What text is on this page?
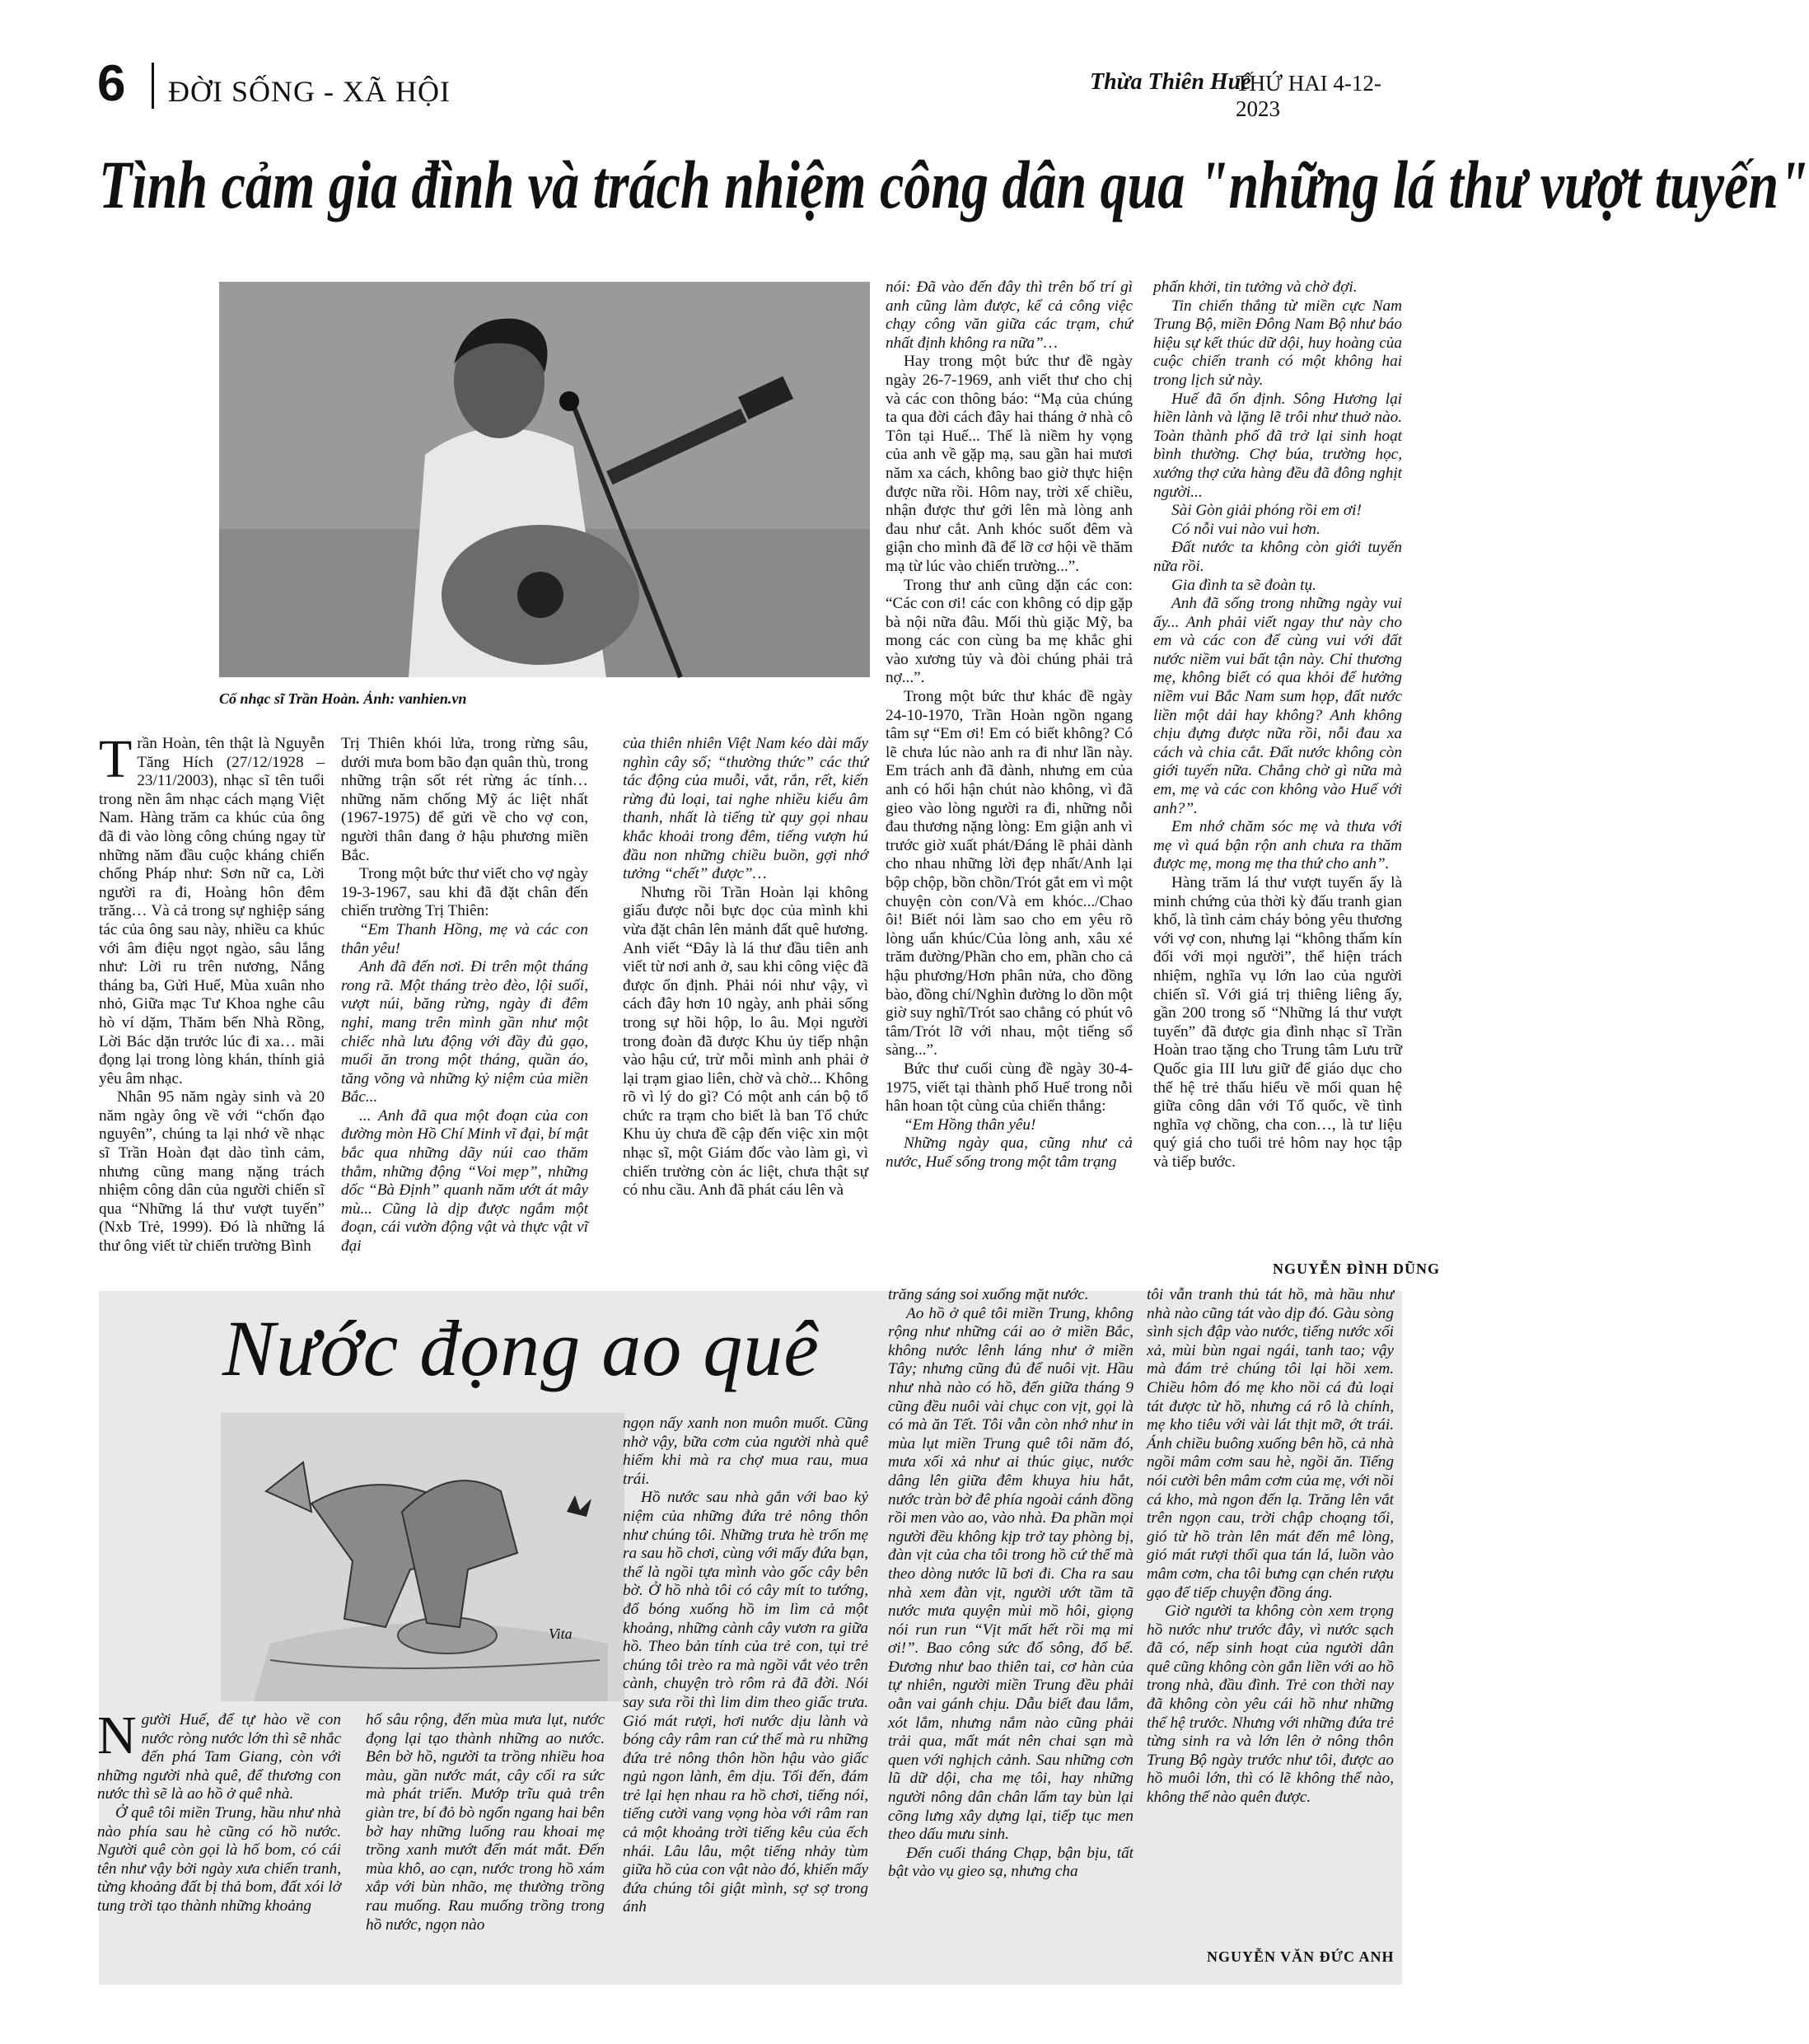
6 ĐỜI SỐNG - XÃ HỘI	Thừa Thiên Huế
THỨ HAI 4-12-2023
Tình cảm gia đình và trách nhiệm công dân qua "những lá thư vượt tuyến"
Cố nhạc sĩ Trần Hoàn. Ảnh: vanhien.vn

Trần Hoàn, tên thật là Nguyễn Tăng Hích (27/12/1928 – 23/11/2003), nhạc sĩ tên tuổi trong nền âm nhạc cách mạng Việt Nam. Hàng trăm ca khúc của ông đã đi vào lòng công chúng ngay từ những năm đầu cuộc kháng chiến chống Pháp như: Sơn nữ ca, Lời người ra đi, Hoàng hôn đêm trăng… Và cả trong sự nghiệp sáng tác của ông sau này, nhiều ca khúc với âm điệu ngọt ngào, sâu lắng như: Lời ru trên nương, Nắng tháng ba, Gửi Huế, Mùa xuân nho nhỏ, Giữa mạc Tư Khoa nghe câu hò ví dặm, Thăm bến Nhà Rồng, Lời Bác dặn trước lúc đi xa… mãi đọng lại trong lòng khán, thính giả yêu âm nhạc.

Nhân 95 năm ngày sinh và 20 năm ngày ông về với “chốn đạo nguyên”, chúng ta lại nhớ về nhạc sĩ Trần Hoàn đạt dào tình cảm, nhưng cũng mang nặng trách nhiệm công dân của người chiến sĩ qua “Những lá thư vượt tuyến” (Nxb Trẻ, 1999). Đó là những lá thư ông viết từ chiến trường Bình

Trị Thiên khói lửa, trong rừng sâu, dưới mưa bom bão đạn quân thù, trong những trận sốt rét rừng ác tính… những năm chống Mỹ ác liệt nhất (1967-1975) để gửi về cho vợ con, người thân đang ở hậu phương miền Bắc.

Trong một bức thư viết cho vợ ngày 19-3-1967, sau khi đã đặt chân đến chiến trường Trị Thiên:

“Em Thanh Hồng, mẹ và các con thân yêu!

Anh đã đến nơi. Đi trên một tháng rong rã. Một tháng trèo đèo, lội suối, vượt núi, băng rừng, ngày đi đêm nghỉ, mang trên mình gần như một chiếc nhà lưu động với đầy đủ gạo, muối ăn trong một tháng, quần áo, tăng võng và những kỷ niệm của miền Bắc...

... Anh đã qua một đoạn của con đường mòn Hồ Chí Minh vĩ đại, bí mật bắc qua những dãy núi cao thăm thẳm, những động “Voi mẹp”, những dốc “Bà Định” quanh năm ướt át mây mù... Cũng là dịp được ngắm một đoạn, cái vườn động vật và thực vật vĩ đại

của thiên nhiên Việt Nam kéo dài mấy nghìn cây số; “thường thức” các thứ tác động của muỗi, vắt, rắn, rết, kiến rừng đủ loại, tai nghe nhiều kiểu âm thanh, nhất là tiếng từ quy gọi nhau khắc khoải trong đêm, tiếng vượn hú đầu non những chiều buồn, gợi nhớ tưởng “chết” được”…

Nhưng rồi Trần Hoàn lại không giấu được nỗi bực dọc của mình khi vừa đặt chân lên mảnh đất quê hương. Anh viết “Đây là lá thư đầu tiên anh viết từ nơi anh ở, sau khi công việc đã được ổn định. Phải nói như vậy, vì cách đây hơn 10 ngày, anh phải sống trong sự hồi hộp, lo âu. Mọi người trong đoàn đã được Khu ủy tiếp nhận vào hậu cứ, trừ mỗi mình anh phải ở lại trạm giao liên, chờ và chờ... Không rõ vì lý do gì? Có một anh cán bộ tổ chức ra trạm cho biết là ban Tổ chức Khu ủy chưa đề cập đến việc xin một nhạc sĩ, một Giám đốc vào làm gì, vì chiến trường còn ác liệt, chưa thật sự có nhu cầu. Anh đã phát cáu lên và

nói: Đã vào đến đây thì trên bố trí gì anh cũng làm được, kể cả công việc chạy công văn giữa các trạm, chứ nhất định không ra nữa”…

Hay trong một bức thư đề ngày ngày 26-7-1969, anh viết thư cho chị và các con thông báo: “Mạ của chúng ta qua đời cách đây hai tháng ở nhà cô Tôn tại Huế... Thế là niềm hy vọng của anh về gặp mạ, sau gần hai mươi năm xa cách, không bao giờ thực hiện được nữa rồi. Hôm nay, trời xế chiều, nhận được thư gởi lên mà lòng anh đau như cắt. Anh khóc suốt đêm và giận cho mình đã để lỡ cơ hội về thăm mạ từ lúc vào chiến trường...”.

Trong thư anh cũng dặn các con: “Các con ơi! các con không có dịp gặp bà nội nữa đâu. Mối thù giặc Mỹ, ba mong các con cùng ba mẹ khắc ghi vào xương tủy và đòi chúng phải trả nợ...”.

Trong một bức thư khác đề ngày 24-10-1970, Trần Hoàn ngồn ngang tâm sự “Em ơi! Em có biết không? Có lẽ chưa lúc nào anh ra đi như lần này. Em trách anh đã đành, nhưng em của anh có hối hận chút nào không, vì đã gieo vào lòng người ra đi, những nỗi đau thương nặng lòng: Em giận anh vì trước giờ xuất phát/Đáng lẽ phải dành cho nhau những lời đẹp nhất/Anh lại bộp chộp, bồn chồn/Trót gắt em vì một chuyện còn con/Và em khóc.../Chao ôi! Biết nói làm sao cho em yêu rõ lòng uẩn khúc/Của lòng anh, xâu xé trăm đường/Phần cho em, phần cho cả hậu phương/Hơn phân nửa, cho đồng bào, đồng chí/Nghìn đường lo dồn một giờ suy nghĩ/Trót sao chẳng có phút vô tâm/Trót lỡ với nhau, một tiếng sổ sàng...”.

Bức thư cuối cùng đề ngày 30-4-1975, viết tại thành phố Huế trong nỗi hân hoan tột cùng của chiến thắng:

“Em Hồng thân yêu!

Những ngày qua, cũng như cả nước, Huế sống trong một tâm trạng

phấn khởi, tin tưởng và chờ đợi.

Tin chiến thắng từ miền cực Nam Trung Bộ, miền Đông Nam Bộ như báo hiệu sự kết thúc dữ dội, huy hoàng của cuộc chiến tranh có một không hai trong lịch sử này.

Huế đã ổn định. Sông Hương lại hiền lành và lặng lẽ trôi như thuở nào. Toàn thành phố đã trở lại sinh hoạt bình thường. Chợ búa, trường học, xướng thợ cửa hàng đều đã đông nghịt người...

Sài Gòn giải phóng rồi em ơi!

Có nỗi vui nào vui hơn.

Đất nước ta không còn giới tuyến nữa rồi.

Gia đình ta sẽ đoàn tụ.

Anh đã sống trong những ngày vui ấy... Anh phải viết ngay thư này cho em và các con để cùng vui với đất nước niềm vui bất tận này. Chỉ thương mẹ, không biết có qua khỏi để hưởng niềm vui Bắc Nam sum họp, đất nước liền một dải hay không? Anh không chịu đựng được nữa rồi, nỗi đau xa cách và chia cắt. Đất nước không còn giới tuyến nữa. Chẳng chờ gì nữa mà em, mẹ và các con không vào Huế với anh?”.

Em nhớ chăm sóc mẹ và thưa với mẹ vì quá bận rộn anh chưa ra thăm được mẹ, mong mẹ tha thứ cho anh”.

Hàng trăm lá thư vượt tuyến ấy là minh chứng của thời kỳ đấu tranh gian khổ, là tình cảm cháy bỏng yêu thương với vợ con, nhưng lại “không thấm kín đối với mọi người”, thể hiện trách nhiệm, nghĩa vụ lớn lao của người chiến sĩ. Với giá trị thiêng liêng ấy, gần 200 trong số “Những lá thư vượt tuyến” đã được gia đình nhạc sĩ Trần Hoàn trao tặng cho Trung tâm Lưu trữ Quốc gia III lưu giữ để giáo dục cho thế hệ trẻ thấu hiểu về mối quan hệ giữa công dân với Tổ quốc, về tình nghĩa vợ chồng, cha con…, là tư liệu quý giá cho tuổi trẻ hôm nay học tập và tiếp bước.

NGUYỄN ĐÌNH DŨNG
Nước đọng ao quê
Vita

Người Huế, để tự hào về con nước ròng nước lớn thì sẽ nhắc đến phá Tam Giang, còn với những người nhà quê, để thương con nước thì sẽ là ao hồ ở quê nhà.

Ở quê tôi miền Trung, hầu như nhà nào phía sau hè cũng có hồ nước. Người quê còn gọi là hố bom, có cái tên như vậy bởi ngày xưa chiến tranh, từng khoảng đất bị thả bom, đất xói lở tung trời tạo thành những khoảng

hố sâu rộng, đến mùa mưa lụt, nước đọng lại tạo thành những ao nước. Bên bờ hồ, người ta trồng nhiều hoa màu, gần nước mát, cây cối ra sức mà phát triển. Mướp trĩu quả trên giàn tre, bí đỏ bò ngổn ngang hai bên bờ hay những luống rau khoai mẹ trồng xanh mướt đến mát mắt. Đến mùa khô, ao cạn, nước trong hồ xám xắp với bùn nhão, mẹ thường trồng rau muống. Rau muống trồng trong hồ nước, ngọn nào

ngọn nấy xanh non muôn muốt. Cũng nhờ vậy, bữa cơm của người nhà quê hiếm khi mà ra chợ mua rau, mua trái.

Hồ nước sau nhà gắn với bao kỷ niệm của những đứa trẻ nông thôn như chúng tôi. Những trưa hè trốn mẹ ra sau hồ chơi, cùng với mấy đứa bạn, thể là ngồi tựa mình vào gốc cây bên bờ. Ở hồ nhà tôi có cây mít to tướng, đổ bóng xuống hồ im lìm cả một khoảng, những cành cây vươn ra giữa hồ. Theo bản tính của trẻ con, tụi trẻ chúng tôi trèo ra mà ngồi vắt vẻo trên cành, chuyện trò rôm rả đã đời. Nói say sưa rồi thì lim dim theo giấc trưa. Gió mát rượi, hơi nước dịu lành và bóng cây râm ran cứ thế mà ru những đứa trẻ nông thôn hồn hậu vào giấc ngủ ngon lành, êm dịu. Tối đến, đám trẻ lại hẹn nhau ra hồ chơi, tiếng nói, tiếng cười vang vọng hòa với râm ran cả một khoảng trời tiếng kêu của ếch nhái. Lâu lâu, một tiếng nhảy tùm giữa hồ của con vật nào đó, khiến mấy đứa chúng tôi giật mình, sợ sợ trong ánh

trăng sáng soi xuống mặt nước.

Ao hồ ở quê tôi miền Trung, không rộng như những cái ao ở miền Bắc, không nước lênh láng như ở miền Tây; nhưng cũng đủ để nuôi vịt. Hầu như nhà nào có hồ, đến giữa tháng 9 cũng đều nuôi vài chục con vịt, gọi là có mà ăn Tết. Tôi vẫn còn nhớ như in mùa lụt miền Trung quê tôi năm đó, mưa xối xả như ai thúc giục, nước dâng lên giữa đêm khuya hiu hắt, nước tràn bờ đê phía ngoài cánh đồng rồi men vào ao, vào nhà. Đa phần mọi người đều không kịp trở tay phòng bị, đàn vịt của cha tôi trong hồ cứ thế mà theo dòng nước lũ bơi đi. Cha ra sau nhà xem đàn vịt, người ướt tầm tã nước mưa quyện mùi mồ hôi, giọng nói run run “Vịt mất hết rồi mạ mi ơi!”. Bao công sức đổ sông, đổ bể. Đương như bao thiên tai, cơ hàn của tự nhiên, người miền Trung đều phải oằn vai gánh chịu. Dẫu biết đau lắm, xót lắm, nhưng nắm nào cũng phải trải qua, mất mát nên chai sạn mà quen với nghịch cảnh. Sau những cơn lũ dữ dội, cha mẹ tôi, hay những người nông dân chân lấm tay bùn lại cõng lưng xây dựng lại, tiếp tục men theo dấu mưu sinh.

Đến cuối tháng Chạp, bận bịu, tất bật vào vụ gieo sạ, nhưng cha

tôi vẫn tranh thủ tát hồ, mà hầu như nhà nào cũng tát vào dịp đó. Gàu sòng sình sịch đập vào nước, tiếng nước xối xả, mùi bùn ngai ngái, tanh tao; vậy mà đám trẻ chúng tôi lại hồi xem. Chiều hôm đó mẹ kho nồi cá đủ loại tát được từ hồ, nhưng cá rô là chính, mẹ kho tiêu với vài lát thịt mỡ, ớt trái. Ánh chiều buông xuống bên hồ, cả nhà ngồi mâm cơm sau hè, ngồi ăn. Tiếng nói cười bên mâm cơm của mẹ, với nồi cá kho, mà ngon đến lạ. Trăng lên vắt trên ngọn cau, trời chập choạng tối, gió từ hồ tràn lên mát đến mê lòng, gió mát rượi thổi qua tán lá, luồn vào mâm cơm, cha tôi bưng cạn chén rượu gạo để tiếp chuyện đồng áng.

Giờ người ta không còn xem trọng hồ nước như trước đây, vì nước sạch đã có, nếp sinh hoạt của người dân quê cũng không còn gắn liền với ao hồ trong nhà, đầu đình. Trẻ con thời nay đã không còn yêu cái hồ như những thế hệ trước. Nhưng với những đứa trẻ từng sinh ra và lớn lên ở nông thôn Trung Bộ ngày trước như tôi, được ao hồ muôi lớn, thì có lẽ không thể nào, không thể nào quên được.

NGUYỄN VĂN ĐỨC ANH
